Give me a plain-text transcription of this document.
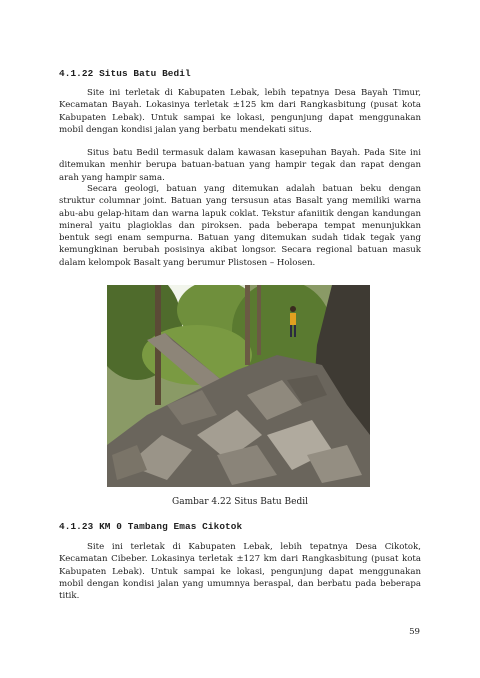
4.1.22 Situs Batu Bedil

Site ini terletak di Kabupaten Lebak, lebih tepatnya Desa Bayah Timur, Kecamatan Bayah. Lokasinya terletak ±125 km dari Rangkasbitung (pusat kota Kabupaten Lebak). Untuk sampai ke lokasi, pengunjung dapat menggunakan mobil dengan kondisi jalan yang berbatu mendekati situs.

Situs batu Bedil termasuk dalam kawasan kasepuhan Bayah. Pada Site ini ditemukan menhir berupa batuan-batuan yang hampir tegak dan rapat dengan arah yang hampir sama.

Secara geologi, batuan yang ditemukan adalah batuan beku dengan struktur columnar joint. Batuan yang tersusun atas Basalt yang memiliki warna abu-abu gelap-hitam dan warna lapuk coklat. Tekstur afaniitik dengan kandungan mineral yaitu plagioklas dan piroksen. pada beberapa tempat menunjukkan bentuk segi enam sempurna. Batuan yang ditemukan sudah tidak tegak yang kemungkinan berubah posisinya akibat longsor. Secara regional batuan masuk dalam kelompok Basalt yang berumur Plistosen – Holosen.

Gambar 4.22 Situs Batu Bedil
4.1.23 KM 0 Tambang Emas Cikotok

Site ini terletak di Kabupaten Lebak, lebih tepatnya Desa Cikotok, Kecamatan Cibeber. Lokasinya terletak ±127 km dari Rangkasbitung (pusat kota Kabupaten Lebak). Untuk sampai ke lokasi, pengunjung dapat menggunakan mobil dengan kondisi jalan yang umumnya beraspal, dan berbatu pada beberapa titik.

59
